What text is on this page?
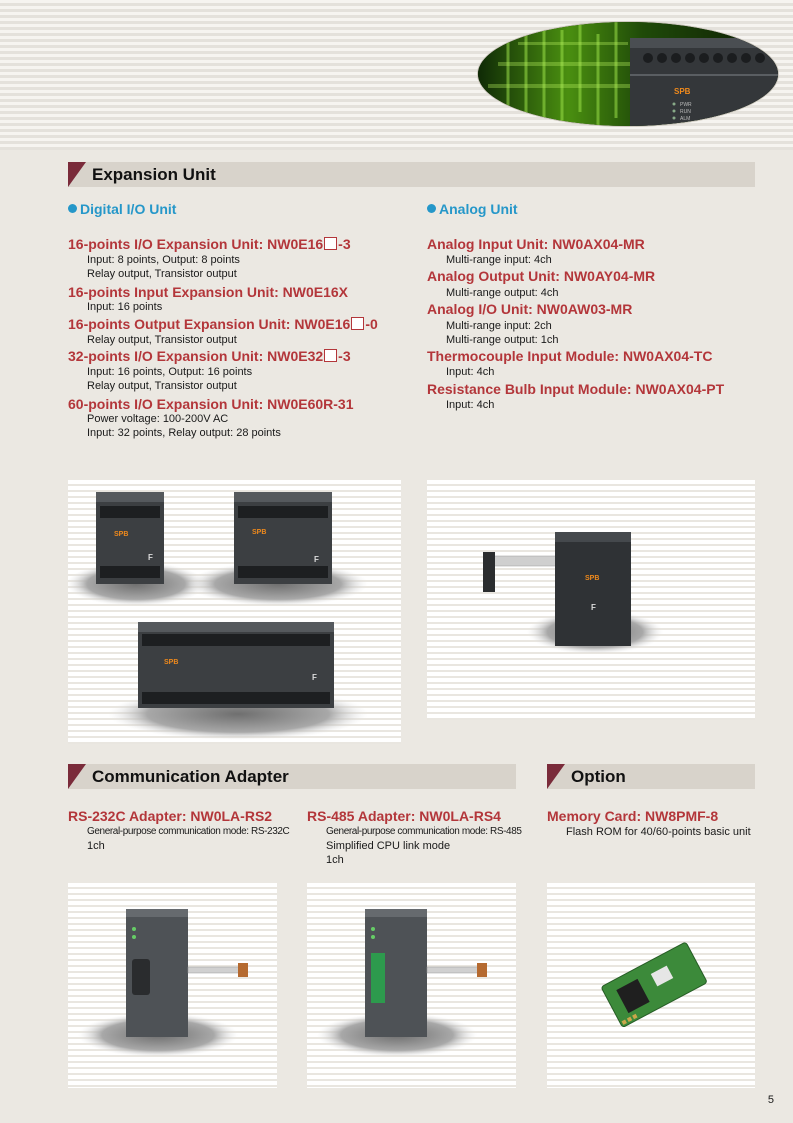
SPB
PWR
RUN
ALM
Expansion Unit
Digital I/O Unit	Analog Unit
16-points I/O Expansion Unit: NW0E16 -3
Input: 8 points, Output: 8 points
Relay output, Transistor output
16-points Input Expansion Unit: NW0E16X
Input: 16 points
16-points Output Expansion Unit: NW0E16 -0
Relay output, Transistor output
32-points I/O Expansion Unit: NW0E32 -3
Input: 16 points, Output: 16 points
Relay output, Transistor output
60-points I/O Expansion Unit: NW0E60R-31
Power voltage: 100-200V AC
Input: 32 points, Relay output: 28 points
Analog Input Unit: NW0AX04-MR
Multi-range input: 4ch
Analog Output Unit: NW0AY04-MR
Multi-range output: 4ch
Analog I/O Unit: NW0AW03-MR
Multi-range input: 2ch
Multi-range output: 1ch
Thermocouple Input Module: NW0AX04-TC
Input: 4ch
Resistance Bulb Input Module: NW0AX04-PT
Input: 4ch
SPB
F
SPB
F
SPB
F
SPB
F
Communication Adapter	Option
RS-232C Adapter: NW0LA-RS2
General-purpose communication mode: RS-232C
1ch
RS-485 Adapter: NW0LA-RS4
General-purpose communication mode: RS-485
Simplified CPU link mode
1ch
Memory Card: NW8PMF-8
Flash ROM for 40/60-points basic unit
5
